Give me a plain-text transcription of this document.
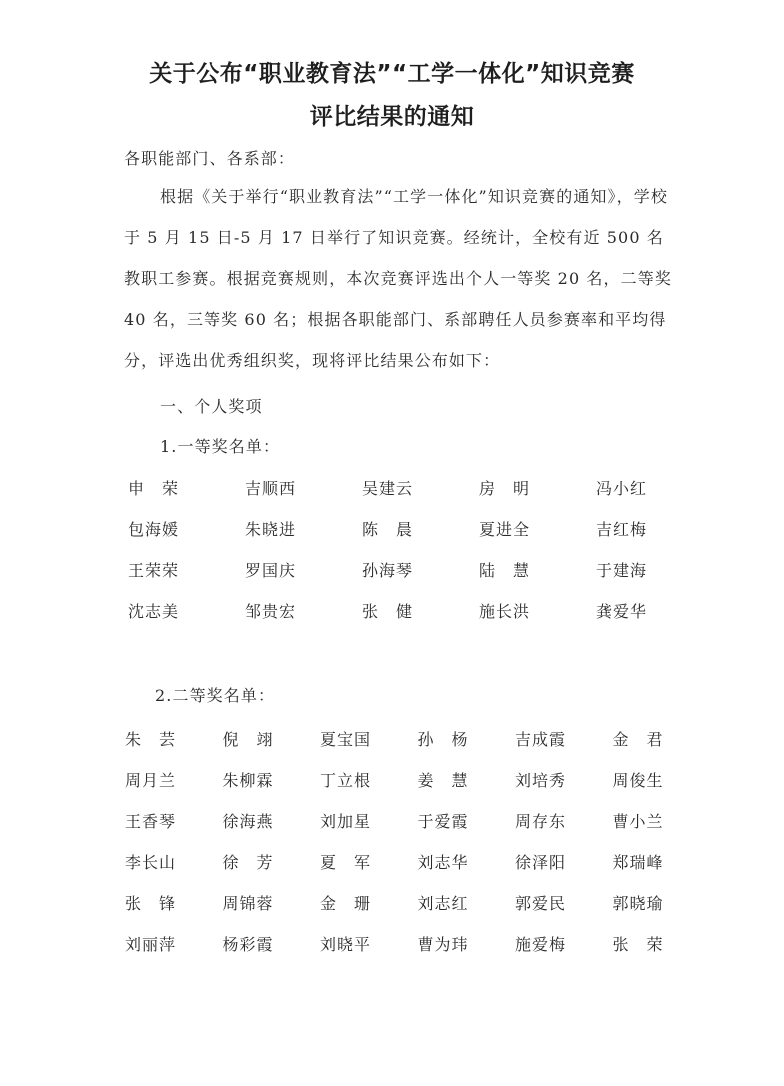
关于公布“职业教育法”“工学一体化”知识竞赛
评比结果的通知
各职能部门、各系部：
根据《关于举行“职业教育法”“工学一体化”知识竞赛的通知》，学校于 5 月 15 日-5 月 17 日举行了知识竞赛。经统计，全校有近 500 名教职工参赛。根据竞赛规则，本次竞赛评选出个人一等奖 20 名，二等奖 40 名，三等奖 60 名；根据各职能部门、系部聘任人员参赛率和平均得分，评选出优秀组织奖，现将评比结果公布如下：
一、个人奖项
1.一等奖名单：
申　荣	吉顺西	吴建云	房　明	冯小红
包海媛	朱晓进	陈　晨	夏进全	吉红梅
王荣荣	罗国庆	孙海琴	陆　慧	于建海
沈志美	邹贵宏	张　健	施长洪	龚爱华
2.二等奖名单：
朱　芸	倪　翊	夏宝国	孙　杨	吉成霞	金　君
周月兰	朱柳霖	丁立根	姜　慧	刘培秀	周俊生
王香琴	徐海燕	刘加星	于爱霞	周存东	曹小兰
李长山	徐　芳	夏　军	刘志华	徐泽阳	郑瑞峰
张　锋	周锦蓉	金　珊	刘志红	郭爱民	郭晓瑜
刘丽萍	杨彩霞	刘晓平	曹为玮	施爱梅	张　荣
